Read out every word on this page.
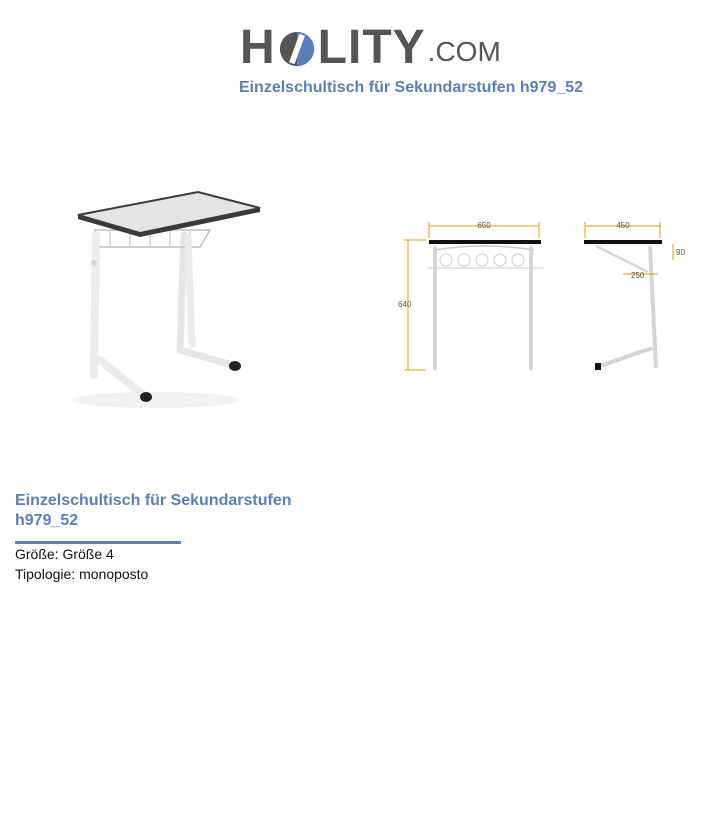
H LITY .COM
Einzelschultisch für Sekundarstufen h979_52
650
640
450
90
250
Einzelschultisch für Sekundarstufen
h979_52
Größe: Größe 4
Tipologie: monoposto
